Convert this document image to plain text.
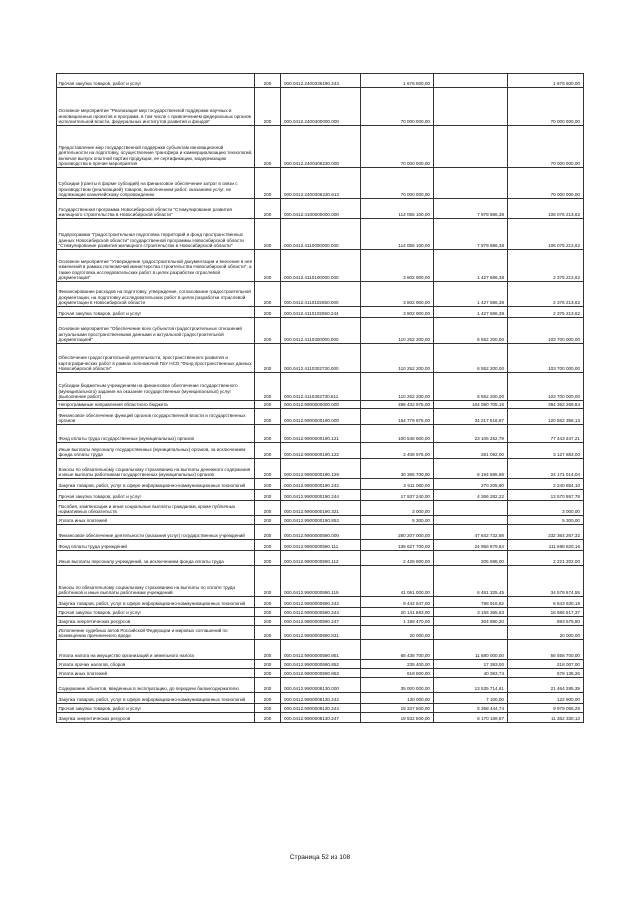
Прочая закупка товаров, работ и услуг	200	000.0412.2400336190.244	1 676 600,00		1 676 600,00
Основное мероприятие "Реализация мер государственной поддержки научных и инновационных проектов и программ, в том числе с привлечением федеральных органов исполнительной власти, федеральных институтов развития и фондов"	200	000.0412.2400400000.000	70 000 000,00		70 000 000,00
Предоставление мер государственной поддержки субъектам инновационной деятельности на подготовку, осуществление трансфера и коммерциализацию технологий, включая выпуск опытной партии продукции, ее сертификацию, модернизацию производства и прочие мероприятия	200	000.0412.2400406230.000	70 000 000,00		70 000 000,00
Субсидии (гранты в форме субсидий) на финансовое обеспечение затрат в связи с производством (реализацией) товаров, выполнением работ, оказанием услуг, не подлежащие казначейскому сопровождению	200	000.0412.2400406230.613	70 000 000,00		70 000 000,00
Государственная программа Новосибирской области "Стимулирование развития жилищного строительства в Новосибирской области"	200	000.0412.4100000000.000	114 055 100,00	7 979 886,38	106 075 213,62
Подпрограмма "Градостроительная подготовка территорий и фонд пространственных данных Новосибирской области" государственной программы Новосибирской области "Стимулирование развития жилищного строительства в Новосибирской области"	200	000.0412.4110000000.000	114 055 100,00	7 979 886,38	106 075 213,62
Основное мероприятие "Утверждение градостроительной документации и внесение в нее изменений в рамках полномочий министерства строительства Новосибирской области", а также подготовка исследовательских работ в целях разработки отраслевой документации"	200	000.0412.4110100000.000	3 802 900,00	1 427 686,38	2 375 213,62
Финансирование расходов на подготовку, утверждение, согласование градостроительной документации, на подготовку исследовательских работ в целях разработки отраслевой документации в Новосибирской области	200	000.0412.4110102650.000	3 802 900,00	1 427 686,38	2 375 213,62
Прочая закупка товаров, работ и услуг	200	000.0412.4110102650.244	3 802 900,00	1 427 686,38	2 375 213,62
Основное мероприятие "Обеспечение всех субъектов градостроительных отношений актуальными пространственными данными и актуальной градостроительной документацией"	200	000.0412.4110300000.000	110 252 200,00	6 552 200,00	103 700 000,00
Обеспечение градостроительной деятельности, пространственного развития и картографических работ в рамках полномочий ГБУ НСО "Фонд пространственных данных Новосибирской области"	200	000.0412.4110302730.000	110 252 200,00	6 552 200,00	103 700 000,00
Субсидии бюджетным учреждениям на финансовое обеспечение государственного (муниципального) задания на оказание государственных (муниципальных) услуг (выполнение работ)	200	000.0412.4110302730.611	110 252 200,00	6 552 200,00	103 700 000,00
Непрограммные направления областного бюджета	200	000.0412.9900000000.000	498 432 975,00	104 080 705,16	394 352 269,84
Финансовое обеспечение функций органов государственной власти и государственных органов	200	000.0412.9900000190.000	154 779 875,00	34 217 516,87	120 562 358,13
Фонд оплаты труда государственных (муниципальных) органов	200	000.0412.9900000190.121	100 548 600,00	23 105 252,79	77 443 347,21
Иные выплаты персоналу государственных (муниципальных) органов, за исключением фонда оплаты труда	200	000.0412.9900000190.122	3 408 975,00	281 092,00	3 127 883,00
Взносы по обязательному социальному страхованию на выплаты денежного содержания и иные выплаты работникам государственных (муниципальных) органов	200	000.0412.9900000190.129	30 365 700,00	6 194 685,96	24 171 014,04
Закупка товаров, работ, услуг в сфере информационно-коммуникационных технологий	200	000.0412.9900000190.242	2 511 060,00	270 205,90	2 240 854,10
Прочая закупка товаров, работ и услуг	200	000.0412.9900000190.244	17 937 240,00	4 366 282,22	13 570 957,78
Пособия, компенсации и иные социальные выплаты гражданам, кроме публичных нормативных обязательств	200	000.0412.9900000190.321	3 000,00		3 000,00
Уплата иных платежей	200	000.0412.9900000190.853	5 300,00		5 300,00
Финансовое обеспечение деятельности (оказания услуг) государственных учреждений	200	000.0412.9900000590.000	280 207 000,00	47 842 732,68	232 364 267,32
Фонд оплаты труда учреждений	200	000.0412.9900000590.111	138 627 700,00	24 958 879,84	111 668 820,16
Иные выплаты персоналу учреждений, за исключением фонда оплаты труда	200	000.0412.9900000590.112	2 426 800,00	205 598,00	2 221 202,00
Взносы по обязательному социальному страхованию на выплаты по оплате труда работников и иные выплаты работникам учреждений	200	000.0412.9900000590.119	41 061 000,00	6 481 325,45	34 579 674,55
Закупка товаров, работ, услуг в сфере информационно-коммуникационных технологий	200	000.0412.9900000590.242	9 442 547,00	798 916,82	8 643 630,18
Прочая закупка товаров, работ и услуг	200	000.0412.9900000590.244	20 141 883,00	3 155 365,63	16 986 517,37
Закупка энергетических ресурсов	200	000.0412.9900000590.247	1 198 470,00	304 890,20	893 579,80
Исполнение судебных актов Российской Федерации и мировых соглашений по возмещению причиненного вреда	200	000.0412.9900000590.831	20 000,00		20 000,00
Уплата налога на имущество организаций и земельного налога	200	000.0412.9900000590.851	68 438 700,00	11 680 000,00	56 558 700,00
Уплата прочих налогов, сборов	200	000.0412.9900000590.852	235 400,00	17 393,00	218 007,00
Уплата иных платежей	200	000.0412.9900000590.853	618 500,00	40 363,74	578 136,26
Содержание объектов, введенных в эксплуатацию, до передачи балансодержателю	200	000.0412.9900008130.000	35 000 000,00	13 535 714,61	21 464 285,39
Закупка товаров, работ, услуг в сфере информационно-коммуникационных технологий	200	000.0412.9900008130.242	130 000,00	7 100,00	122 900,00
Прочая закупка товаров, работ и услуг	200	000.0412.9900008130.244	15 337 500,00	5 358 444,74	9 979 055,26
Закупка энергетических ресурсов	200	000.0412.9900008130.247	19 532 500,00	8 170 169,87	11 362 330,13
Страница 52 из 108
